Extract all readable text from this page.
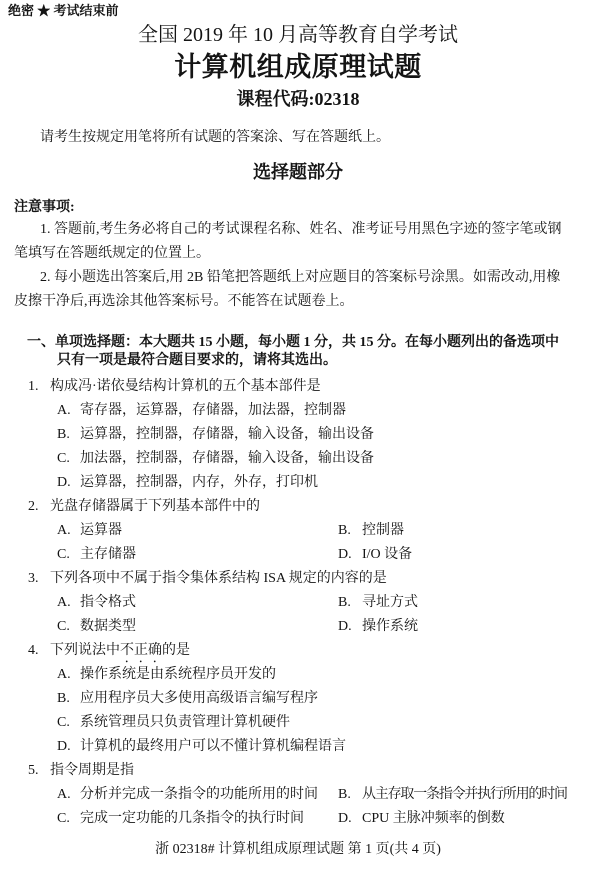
绝密 ★ 考试结束前
全国 2019 年 10 月高等教育自学考试
计算机组成原理试题
课程代码:02318
请考生按规定用笔将所有试题的答案涂、写在答题纸上。
选择题部分
注意事项:

1. 答题前,考生务必将自己的考试课程名称、姓名、准考证号用黑色字迹的签字笔或钢笔填写在答题纸规定的位置上。

2. 每小题选出答案后,用 2B 铅笔把答题纸上对应题目的答案标号涂黑。如需改动,用橡皮擦干净后,再选涂其他答案标号。不能答在试题卷上。

一、单项选择题：本大题共 15 小题，每小题 1 分，共 15 分。在每小题列出的备选项中只有一项是最符合题目要求的，请将其选出。
1. 构成冯·诺依曼结构计算机的五个基本部件是
A. 寄存器，运算器，存储器，加法器，控制器
B. 运算器，控制器，存储器，输入设备，输出设备
C. 加法器，控制器，存储器，输入设备，输出设备
D. 运算器，控制器，内存，外存，打印机
2. 光盘存储器属于下列基本部件中的
A. 运算器	B. 控制器
C. 主存储器	D. I/O 设备
3. 下列各项中不属于指令集体系结构 ISA 规定的内容的是
A. 指令格式	B. 寻址方式
C. 数据类型	D. 操作系统
4. 下列说法中不正确的是
A. 操作系统是由系统程序员开发的
B. 应用程序员大多使用高级语言编写程序
C. 系统管理员只负责管理计算机硬件
D. 计算机的最终用户可以不懂计算机编程语言
5. 指令周期是指
A. 分析并完成一条指令的功能所用的时间 B. 从主存取一条指令并执行所用的时间
C. 完成一定功能的几条指令的执行时间 D. CPU 主脉冲频率的倒数
浙 02318# 计算机组成原理试题 第 1 页(共 4 页)
